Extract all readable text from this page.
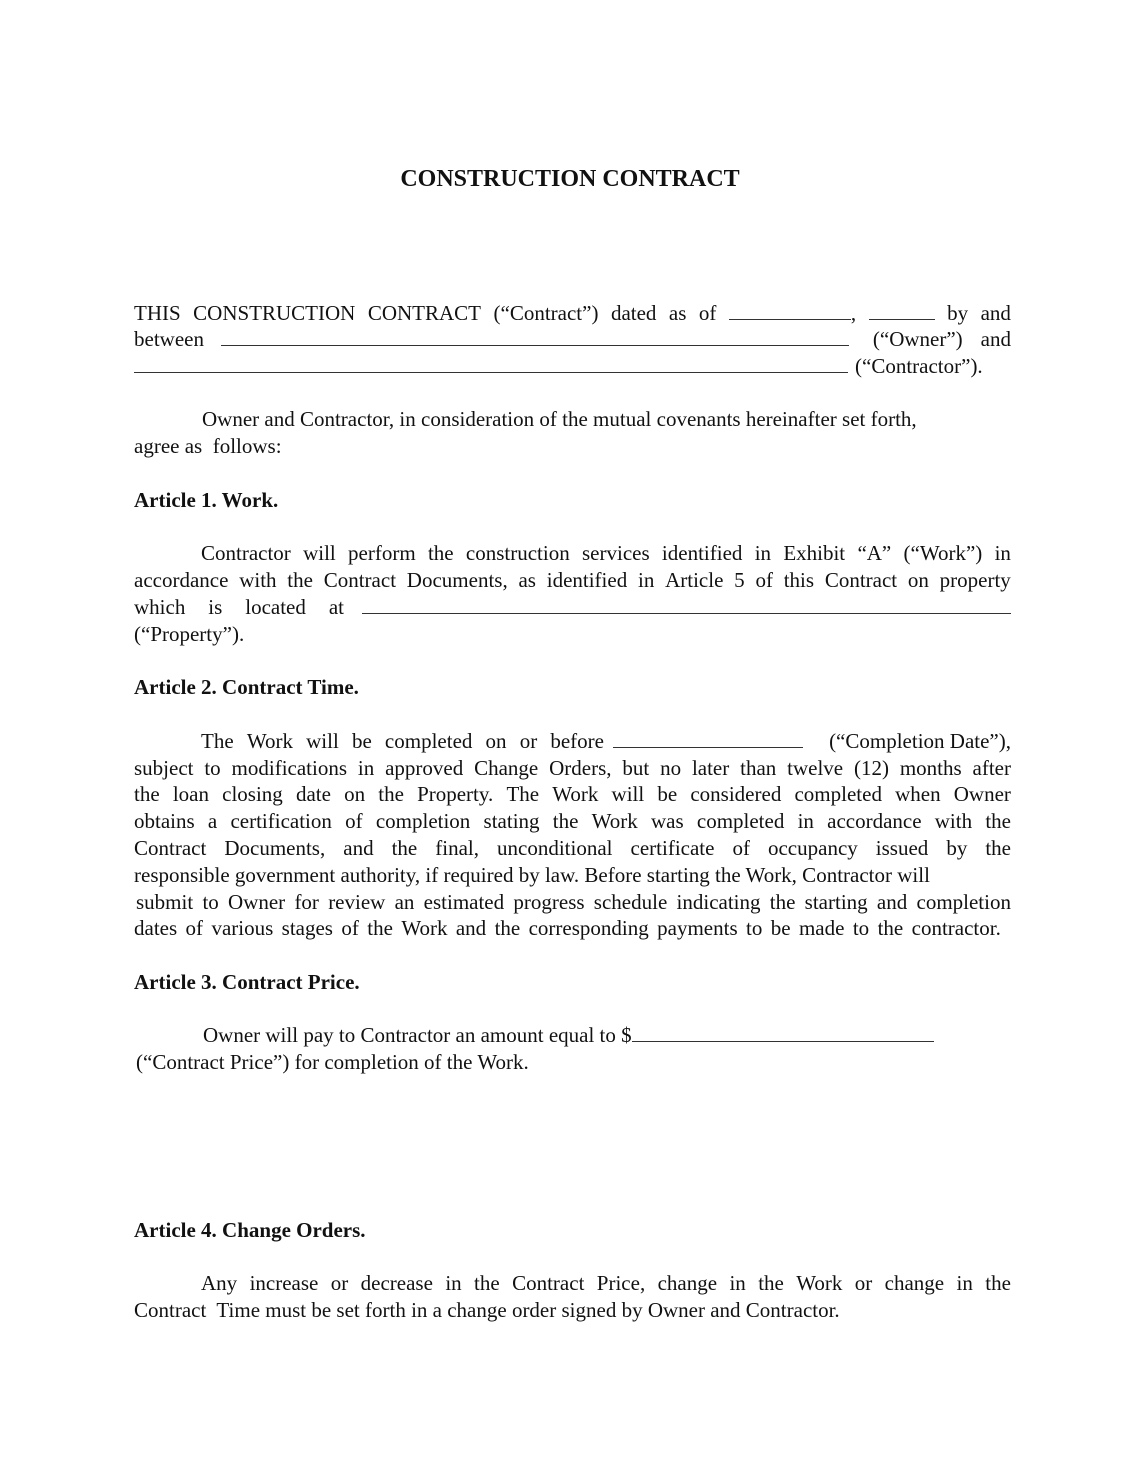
CONSTRUCTION CONTRACT
THIS CONSTRUCTION CONTRACT (“Contract”) dated as of	,	by and
between	(“Owner”) and
(“Contractor”).
Owner and Contractor, in consideration of the mutual covenants hereinafter set forth,
agree as  follows:
Article 1. Work.
Contractor will perform the construction services identified in Exhibit “A” (“Work”) in
accordance with the Contract Documents, as identified in Article 5 of this Contract on property
which is located at
(“Property”).
Article 2. Contract Time.
The Work will be completed on or before	(“Completion Date”),
subject to modifications in approved Change Orders, but no later than twelve (12) months after
the loan closing date on the Property. The Work will be considered completed when Owner
obtains a certification of completion stating the Work was completed in accordance with the
Contract Documents, and the final, unconditional certificate of occupancy issued by the
responsible government authority, if required by law. Before starting the Work, Contractor will
submit to Owner for review an estimated progress schedule indicating the starting and completion
dates of various stages of the Work and the corresponding payments to be made to the contractor.
Article 3. Contract Price.
Owner will pay to Contractor an amount equal to $
(“Contract Price”) for completion of the Work.
Article 4. Change Orders.
Any increase or decrease in the Contract Price, change in the Work or change in the
Contract  Time must be set forth in a change order signed by Owner and Contractor.
